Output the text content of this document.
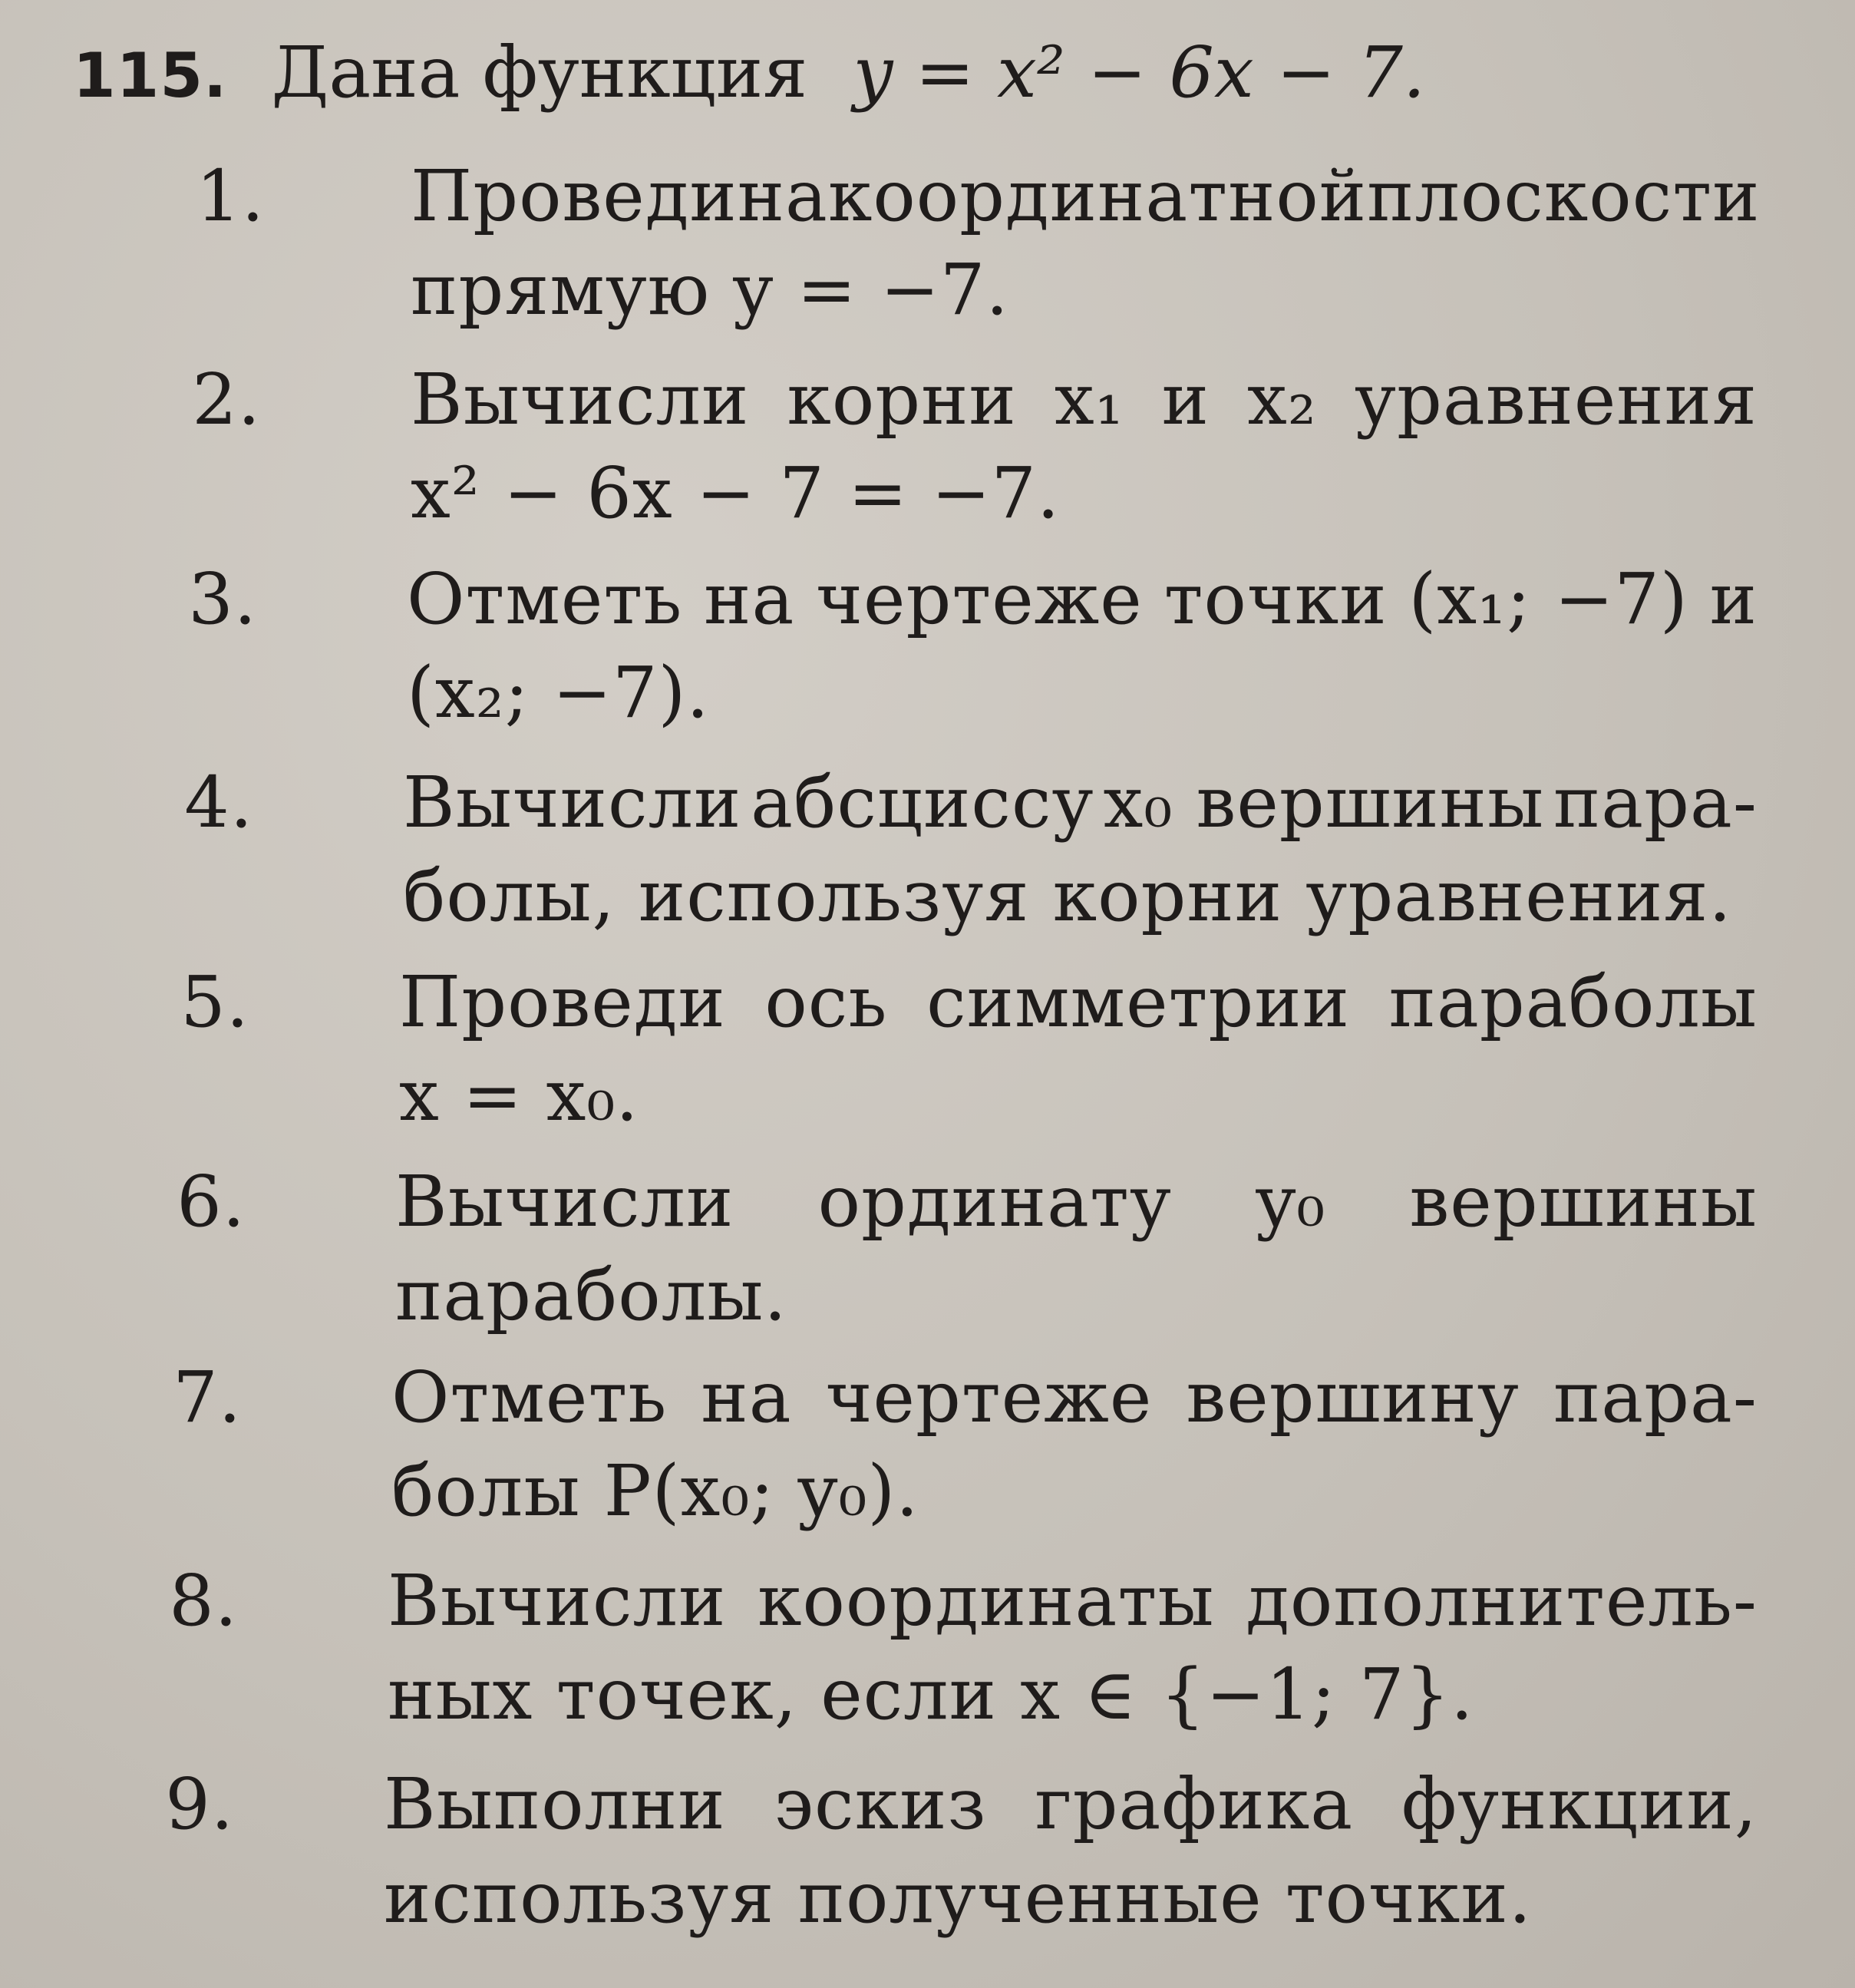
115. Дана функция y = x² − 6x − 7.
1. Проведи на координатной плоскости
прямую y = −7.
2. Вычисли корни x₁ и x₂ уравнения
x² − 6x − 7 = −7.
3. Отметь на чертеже точки (x₁; −7) и
(x₂; −7).
4. Вычисли абсциссу x₀ вершины пара-
болы, используя корни уравнения.
5. Проведи ось симметрии параболы
x = x₀.
6. Вычисли ординату y₀ вершины
параболы.
7. Отметь на чертеже вершину пара-
болы P(x₀; y₀).
8. Вычисли координаты дополнитель-
ных точек, если x ∈ {−1; 7}.
9. Выполни эскиз графика функции,
используя полученные точки.
